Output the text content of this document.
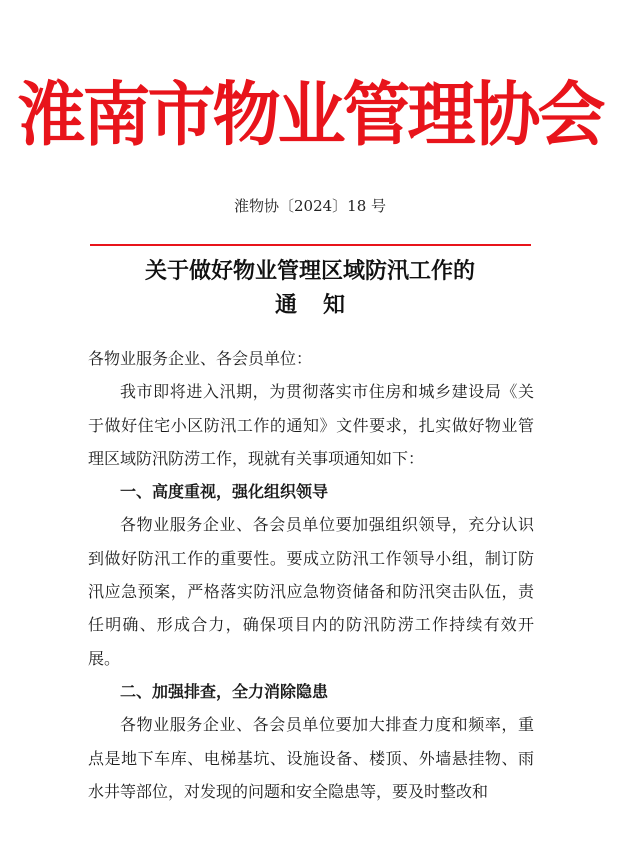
淮南市物业管理协会
淮物协〔2024〕18 号
关于做好物业管理区域防汛工作的
通知

各物业服务企业、各会员单位：

我市即将进入汛期，为贯彻落实市住房和城乡建设局《关于做好住宅小区防汛工作的通知》文件要求，扎实做好物业管理区域防汛防涝工作，现就有关事项通知如下：

一、高度重视，强化组织领导

各物业服务企业、各会员单位要加强组织领导，充分认识到做好防汛工作的重要性。要成立防汛工作领导小组，制订防汛应急预案，严格落实防汛应急物资储备和防汛突击队伍，责任明确、形成合力，确保项目内的防汛防涝工作持续有效开展。

二、加强排查，全力消除隐患

各物业服务企业、各会员单位要加大排查力度和频率，重点是地下车库、电梯基坑、设施设备、楼顶、外墙悬挂物、雨水井等部位，对发现的问题和安全隐患等，要及时整改和
